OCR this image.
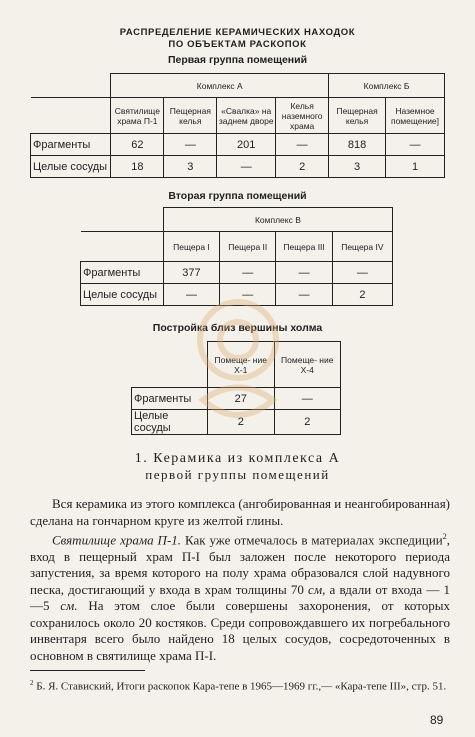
РАСПРЕДЕЛЕНИЕ КЕРАМИЧЕСКИХ НАХОДОК
ПО ОБЪЕКТАМ РАСКОПОК
Первая группа помещений
	Комплекс А				Комплекс Б	
	Святилище храма П-1	Пещерная келья	«Свалка» на заднем дворе	Келья наземного храма	Пещерная келья	Наземное помещение]
Фрагменты	62	—	201	—	818	—
Целые сосуды	18	3	—	2	3	1
Вторая группа помещений
	Комплекс В			
	Пещера I	Пещера II	Пещера III	Пещера IV
Фрагменты	377	—	—	—
Целые сосуды	—	—	—	2
Постройка близ вершины холма
	Помеще- ние Х-1	Помеще- ние Х-4
Фрагменты	27	—
Целые сосуды	2	2
1. Керамика из комплекса А
первой группы помещений

Вся керамика из этого комплекса (ангобированная и неангобированная) сделана на гончарном круге из желтой глины.

Святилище храма П-1. Как уже отмечалось в материалах экспедиции$^2$, вход в пещерный храм П-I был заложен после некоторого периода запустения, за время которого на полу храма образовался слой надувного песка, достигающий у входа в храм толщины 70 см, а вдали от входа — 1—5 см. На этом слое были совершены захоронения, от которых сохранилось около 20 костяков. Среди сопровождавшего их погребального инвентаря всего было найдено 18 целых сосудов, сосредоточенных в основном в святилище храма П-I.

$^2$ Б. Я. Ставиский, Итоги раскопок Кара-тепе в 1965—1969 гг.,— «Кара-тепе III», стр. 51.
89
